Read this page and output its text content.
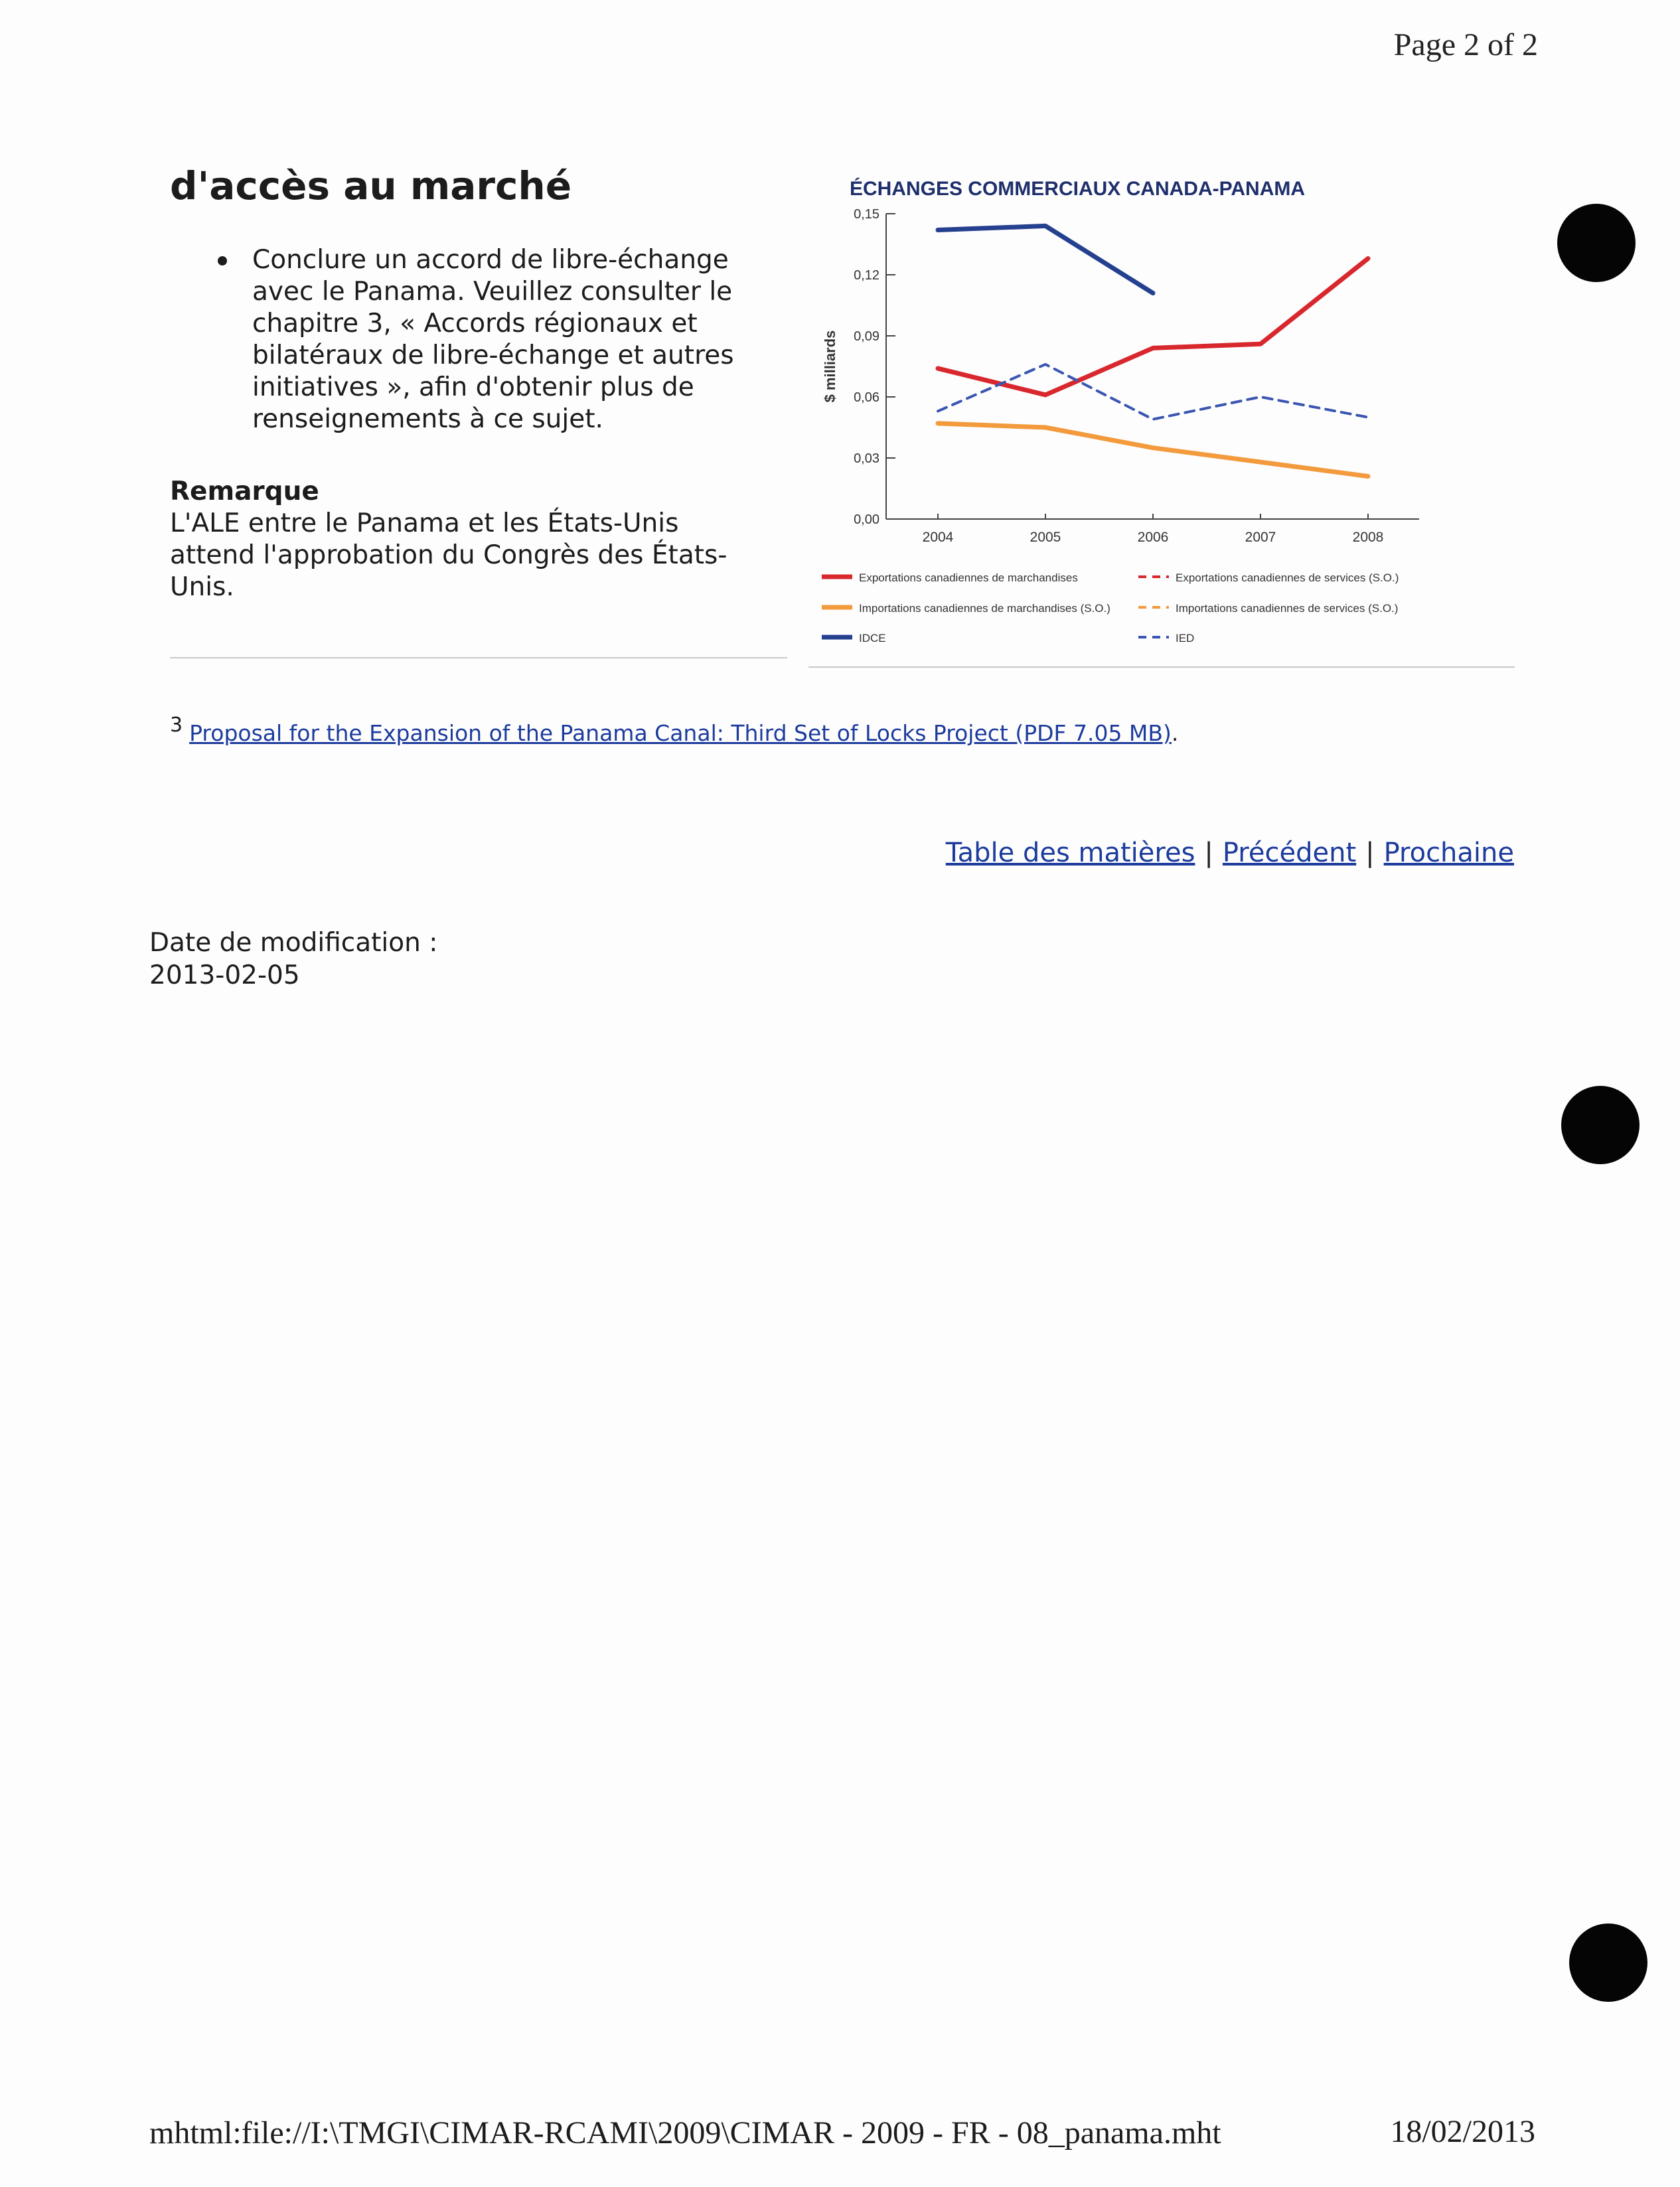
Page 2 of 2
d'accès au marché
Conclure un accord de libre-échange avec le Panama. Veuillez consulter le chapitre 3, « Accords régionaux et bilatéraux de libre-échange et autres initiatives », afin d'obtenir plus de renseignements à ce sujet.
Remarque
L'ALE entre le Panama et les États-Unis attend l'approbation du Congrès des États-Unis.
ÉCHANGES COMMERCIAUX CANADA-PANAMA
$ milliards
0,00
0,03
0,06
0,09
0,12
0,15
2004	2005	2006	2007	2008
Exportations canadiennes de marchandises	Exportations canadiennes de services (S.O.)
Importations canadiennes de marchandises (S.O.)	Importations canadiennes de services (S.O.)
IDCE	IED
$^3$ Proposal for the Expansion of the Panama Canal: Third Set of Locks Project (PDF 7.05 MB).
Table des matières | Précédent | Prochaine
Date de modification :
2013-02-05
mhtml:file://I:\TMGI\CIMAR-RCAMI\2009\CIMAR - 2009 - FR - 08_panama.mht	18/02/2013
